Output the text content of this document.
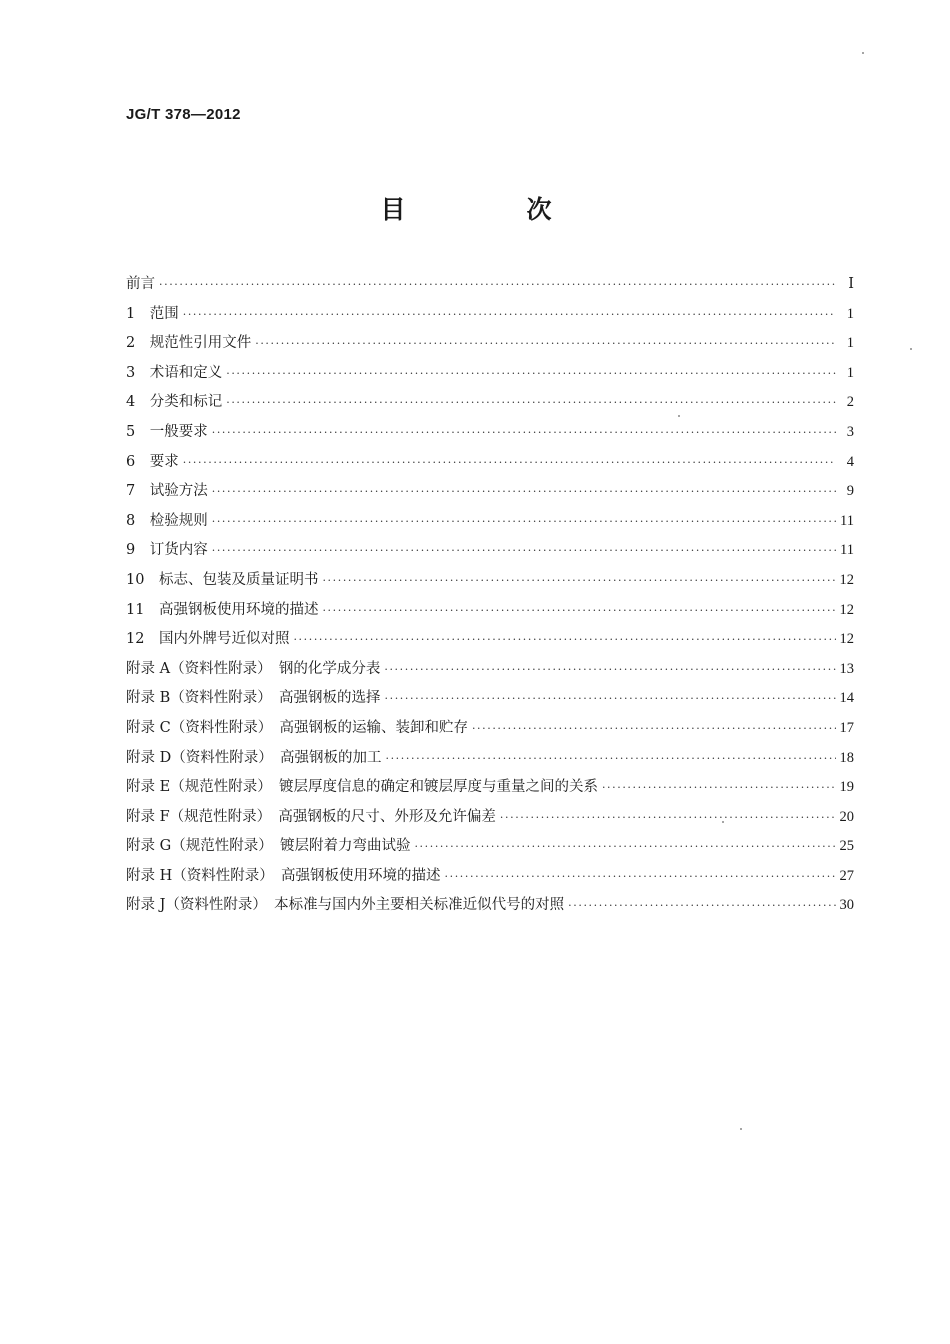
JG/T 378—2012
目　次
前言 ·····	Ⅰ
1　范围 ·····	1
2　规范性引用文件 ·····	1
3　术语和定义 ·····	1
4　分类和标记 ·····	2
5　一般要求 ·····	3
6　要求 ·····	4
7　试验方法 ·····	9
8　检验规则 ·····	11
9　订货内容 ·····	11
10　标志、包装及质量证明书 ·····	12
11　高强钢板使用环境的描述 ·····	12
12　国内外牌号近似对照 ·····	12
附录 A（资料性附录）　钢的化学成分表 ·····	13
附录 B（资料性附录）　高强钢板的选择 ·····	14
附录 C（资料性附录）　高强钢板的运输、装卸和贮存 ·····	17
附录 D（资料性附录）　高强钢板的加工 ·····	18
附录 E（规范性附录）　镀层厚度信息的确定和镀层厚度与重量之间的关系 ·····	19
附录 F（规范性附录）　高强钢板的尺寸、外形及允许偏差 ·····	20
附录 G（规范性附录）　镀层附着力弯曲试验 ·····	25
附录 H（资料性附录）　高强钢板使用环境的描述 ·····	27
附录 J（资料性附录）　本标准与国内外主要相关标准近似代号的对照 ·····	30
